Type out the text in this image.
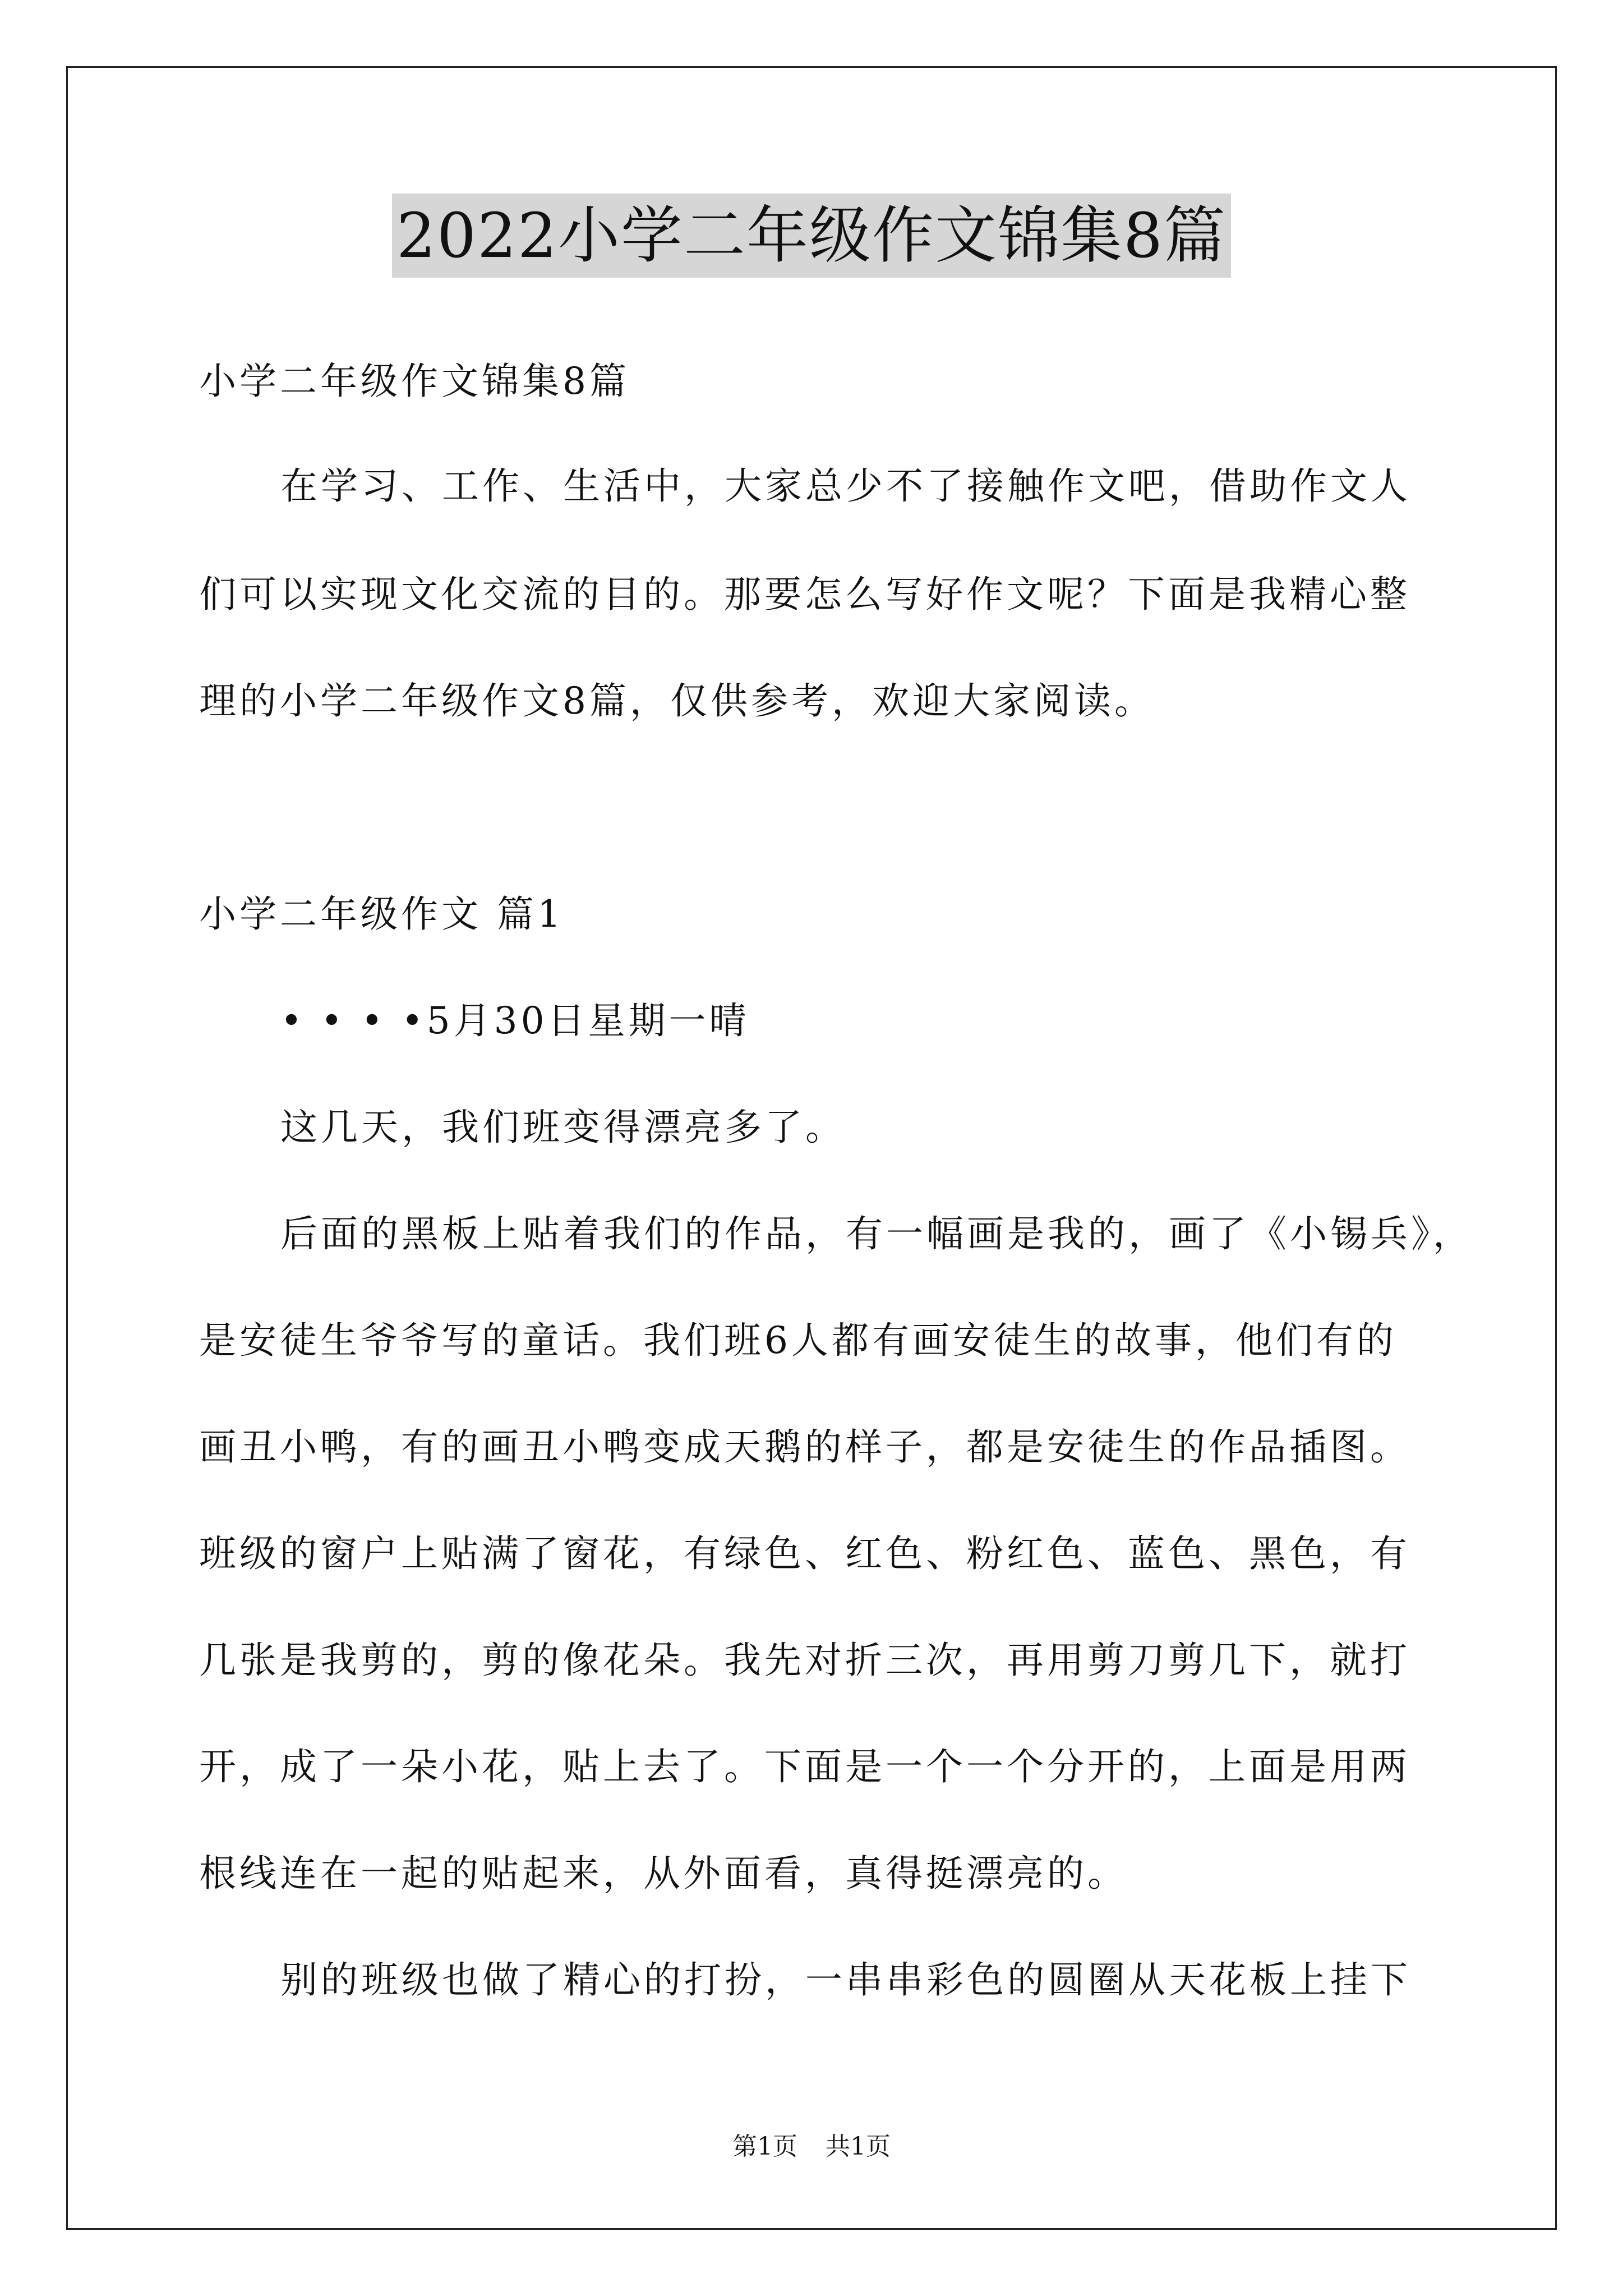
2022小学二年级作文锦集8篇
小学二年级作文锦集8篇
在学习、工作、生活中，大家总少不了接触作文吧，借助作文人
们可以实现文化交流的目的。那要怎么写好作文呢？下面是我精心整
理的小学二年级作文8篇，仅供参考，欢迎大家阅读。
小学二年级作文 篇1
• • • •5月30日星期一晴
这几天，我们班变得漂亮多了。
后面的黑板上贴着我们的作品，有一幅画是我的，画了《小锡兵》，
是安徒生爷爷写的童话。我们班6人都有画安徒生的故事，他们有的
画丑小鸭，有的画丑小鸭变成天鹅的样子，都是安徒生的作品插图。
班级的窗户上贴满了窗花，有绿色、红色、粉红色、蓝色、黑色，有
几张是我剪的，剪的像花朵。我先对折三次，再用剪刀剪几下，就打
开，成了一朵小花，贴上去了。下面是一个一个分开的，上面是用两
根线连在一起的贴起来，从外面看，真得挺漂亮的。
别的班级也做了精心的打扮，一串串彩色的圆圈从天花板上挂下
第1页 共1页
